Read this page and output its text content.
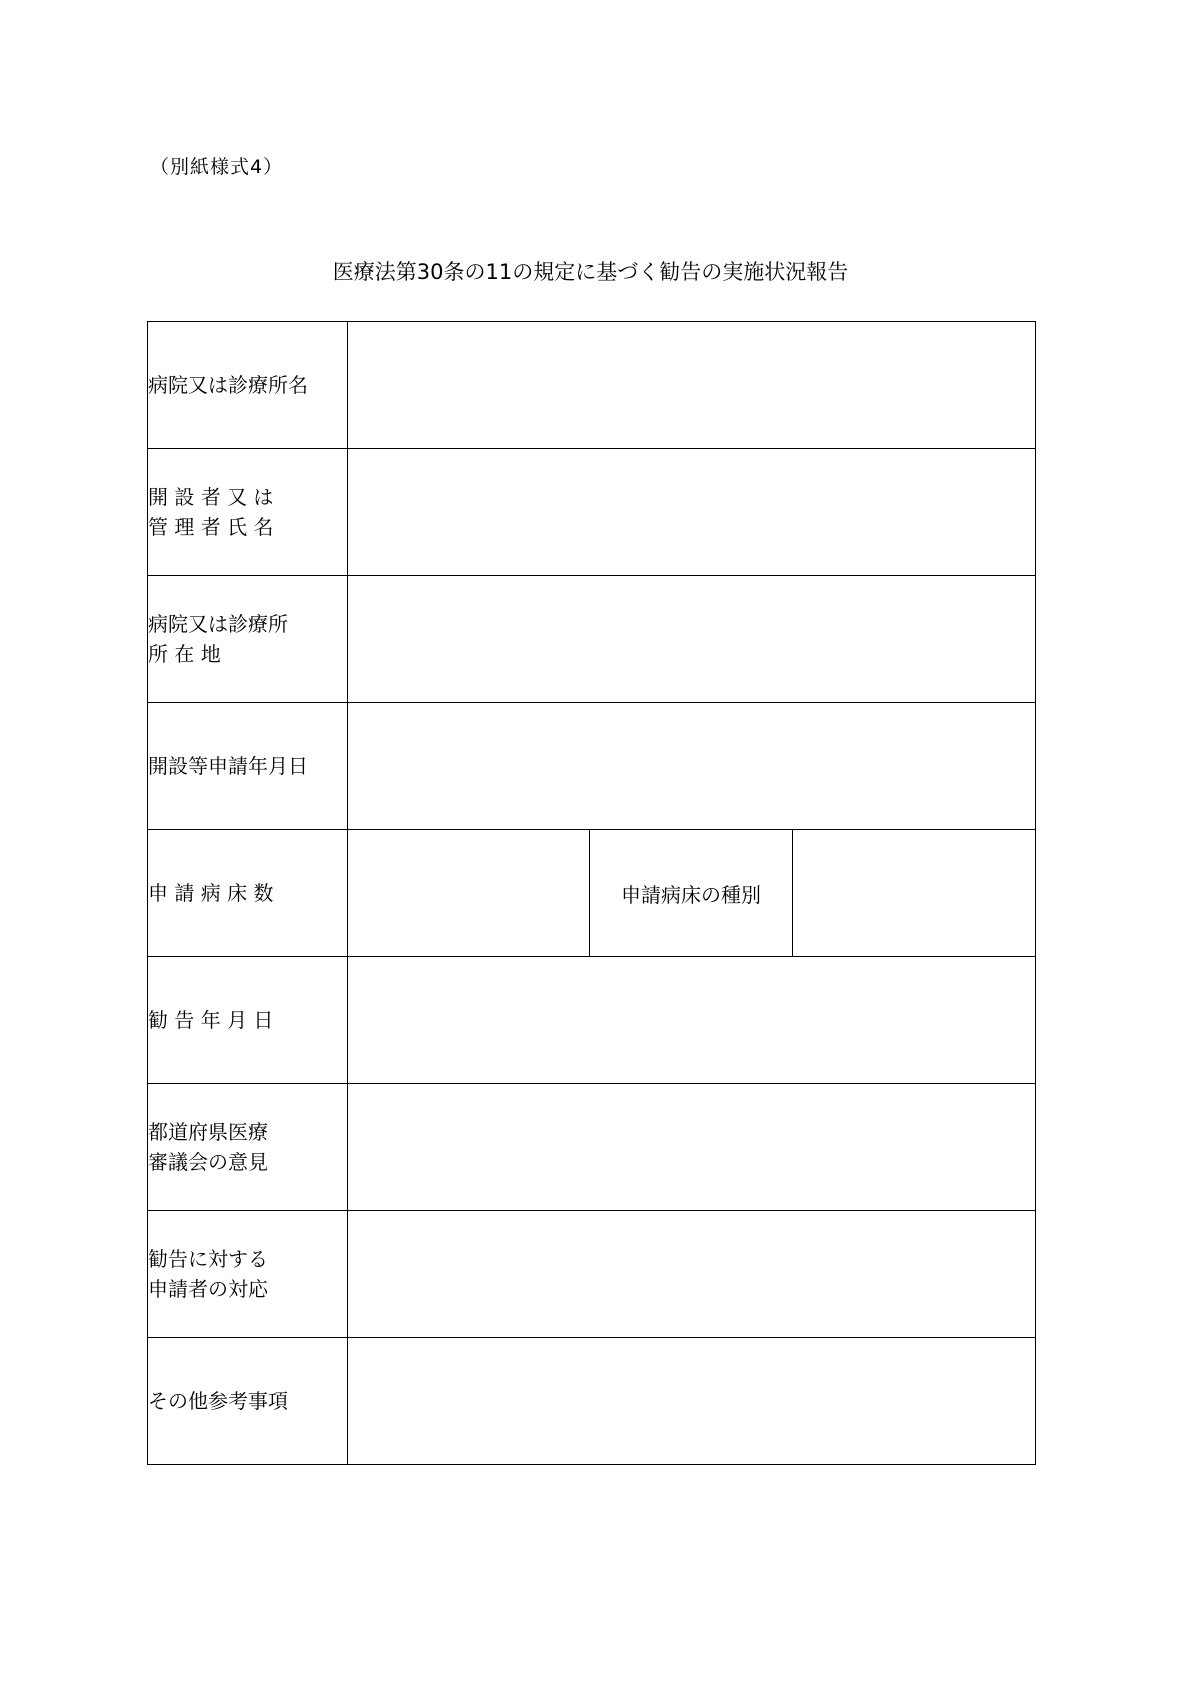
（別紙様式4）
医療法第30条の11の規定に基づく勧告の実施状況報告
病院又は診療所名			

開 設 者 又 は
管 理 者 氏 名			

病院又は診療所
所 在 地			

開設等申請年月日			

申 請 病 床 数		申請病床の種別	

勧 告 年 月 日			

都道府県医療
審議会の意見			

勧告に対する
申請者の対応			

その他参考事項			
